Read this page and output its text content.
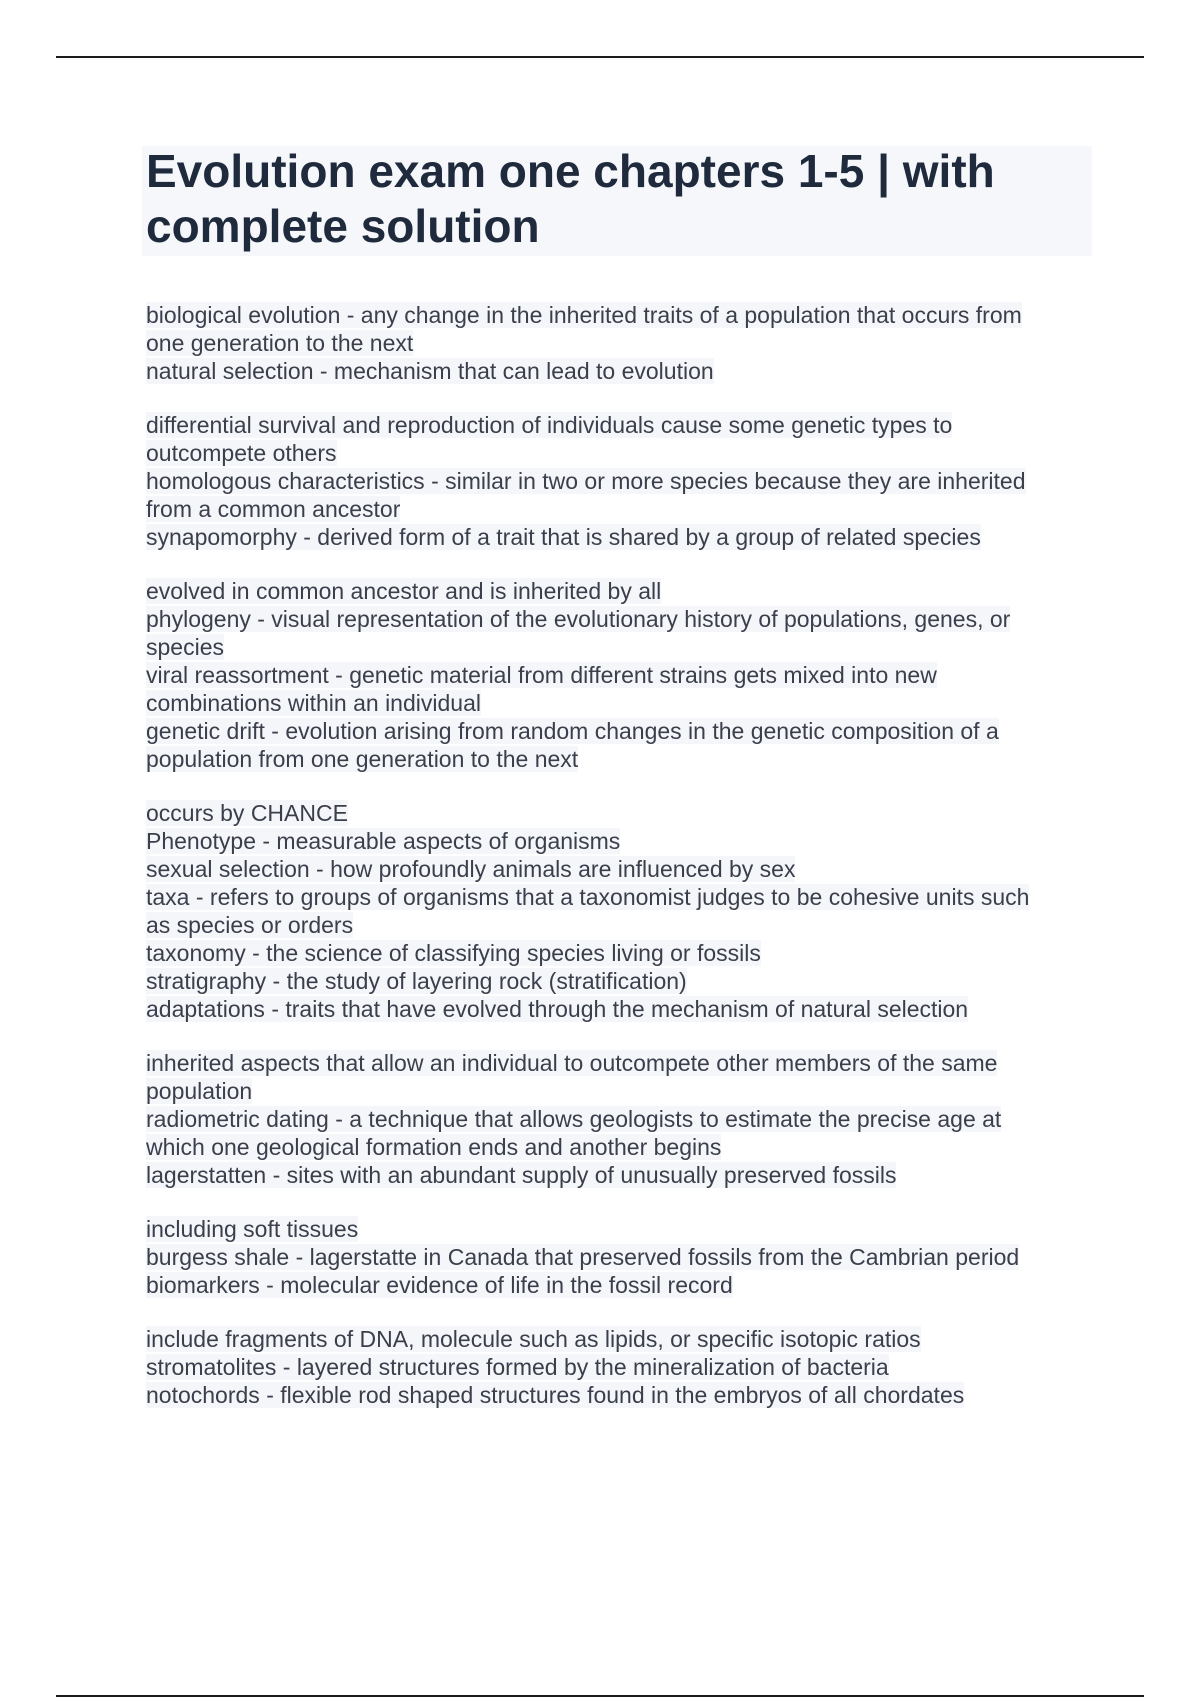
Evolution exam one chapters 1-5 | with
complete solution
biological evolution - any change in the inherited traits of a population that occurs from
one generation to the next
natural selection - mechanism that can lead to evolution
differential survival and reproduction of individuals cause some genetic types to
outcompete others
homologous characteristics - similar in two or more species because they are inherited
from a common ancestor
synapomorphy - derived form of a trait that is shared by a group of related species
evolved in common ancestor and is inherited by all
phylogeny - visual representation of the evolutionary history of populations, genes, or
species
viral reassortment - genetic material from different strains gets mixed into new
combinations within an individual
genetic drift - evolution arising from random changes in the genetic composition of a
population from one generation to the next
occurs by CHANCE
Phenotype - measurable aspects of organisms
sexual selection - how profoundly animals are influenced by sex
taxa - refers to groups of organisms that a taxonomist judges to be cohesive units such
as species or orders
taxonomy - the science of classifying species living or fossils
stratigraphy - the study of layering rock (stratification)
adaptations - traits that have evolved through the mechanism of natural selection
inherited aspects that allow an individual to outcompete other members of the same
population
radiometric dating - a technique that allows geologists to estimate the precise age at
which one geological formation ends and another begins
lagerstatten - sites with an abundant supply of unusually preserved fossils
including soft tissues
burgess shale - lagerstatte in Canada that preserved fossils from the Cambrian period
biomarkers - molecular evidence of life in the fossil record
include fragments of DNA, molecule such as lipids, or specific isotopic ratios
stromatolites - layered structures formed by the mineralization of bacteria
notochords - flexible rod shaped structures found in the embryos of all chordates
